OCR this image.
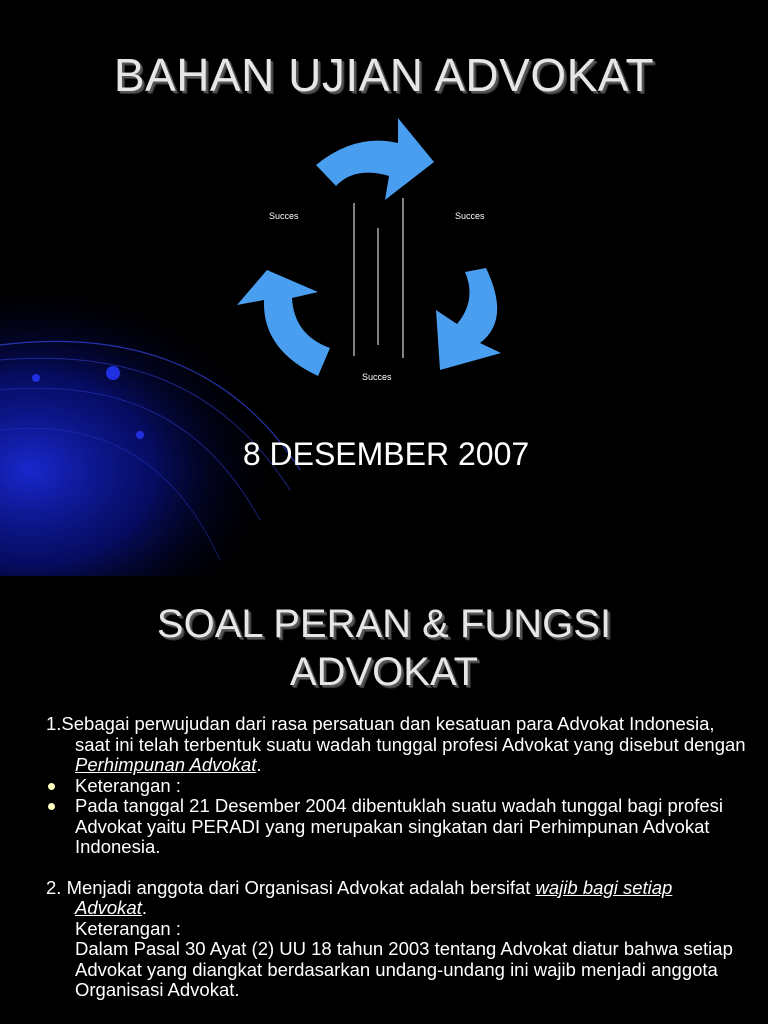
BAHAN UJIAN ADVOKAT
Succes	Succes
Succes
8 DESEMBER 2007
SOAL PERAN & FUNGSI
ADVOKAT
1.Sebagai perwujudan dari rasa persatuan dan kesatuan para Advokat Indonesia, saat ini telah terbentuk suatu wadah tunggal profesi Advokat yang disebut dengan Perhimpunan Advokat.
Keterangan :
Pada tanggal 21 Desember 2004 dibentuklah suatu wadah tunggal bagi profesi Advokat yaitu PERADI yang merupakan singkatan dari Perhimpunan Advokat Indonesia.
2. Menjadi anggota dari Organisasi Advokat adalah bersifat wajib bagi setiap Advokat.
Keterangan :
Dalam Pasal 30 Ayat (2) UU 18 tahun 2003 tentang Advokat diatur bahwa setiap Advokat yang diangkat berdasarkan undang-undang ini wajib menjadi anggota Organisasi Advokat.
